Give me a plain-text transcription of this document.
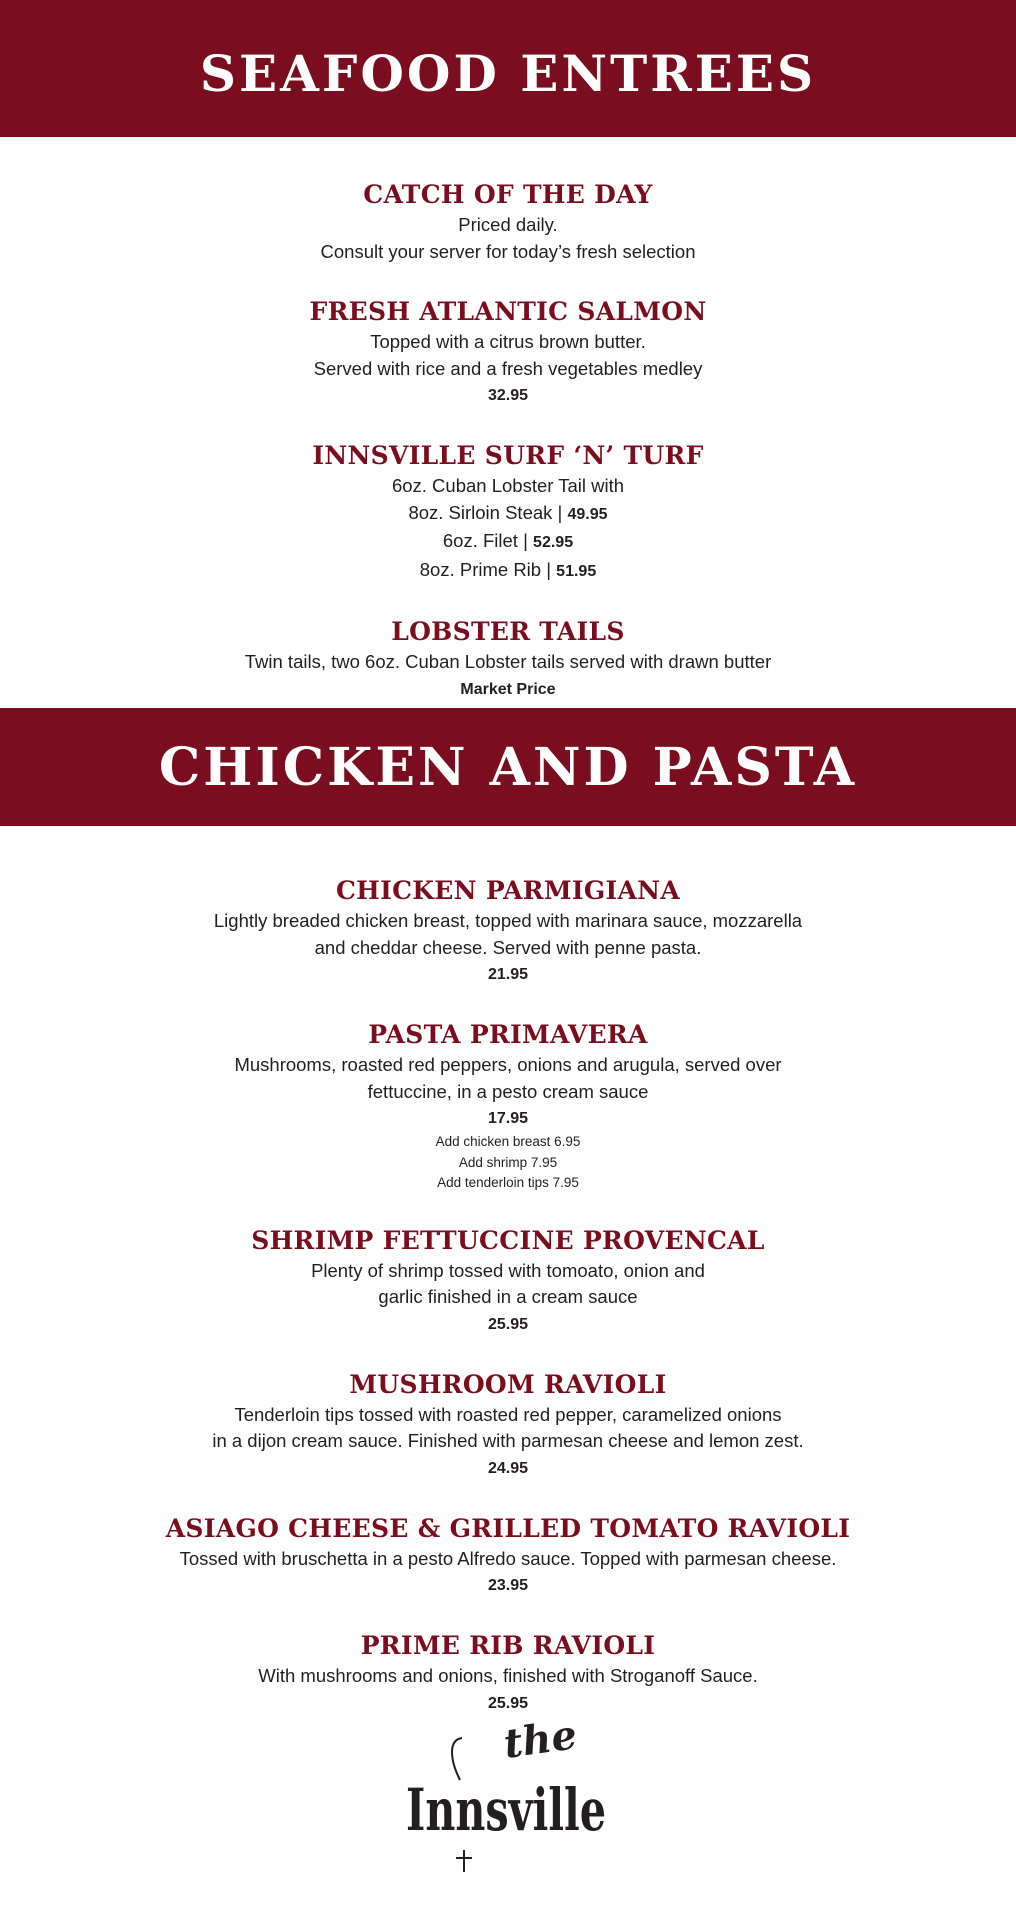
SEAFOOD ENTREES
CATCH OF THE DAY
Priced daily.
Consult your server for today’s fresh selection
FRESH ATLANTIC SALMON
Topped with a citrus brown butter.
Served with rice and a fresh vegetables medley
32.95
INNSVILLE SURF ‘N’ TURF
6oz. Cuban Lobster Tail with
8oz. Sirloin Steak | 49.95
6oz. Filet | 52.95
8oz. Prime Rib | 51.95
LOBSTER TAILS
Twin tails, two 6oz. Cuban Lobster tails served with drawn butter
Market Price
CHICKEN AND PASTA
CHICKEN PARMIGIANA
Lightly breaded chicken breast, topped with marinara sauce, mozzarella
and cheddar cheese. Served with penne pasta.
21.95
PASTA PRIMAVERA
Mushrooms, roasted red peppers, onions and arugula, served over
fettuccine, in a pesto cream sauce
17.95
Add chicken breast 6.95
Add shrimp 7.95
Add tenderloin tips 7.95
SHRIMP FETTUCCINE PROVENCAL
Plenty of shrimp tossed with tomoato, onion and
garlic finished in a cream sauce
25.95
MUSHROOM RAVIOLI
Tenderloin tips tossed with roasted red pepper, caramelized onions
in a dijon cream sauce. Finished with parmesan cheese and lemon zest.
24.95
ASIAGO CHEESE & GRILLED TOMATO RAVIOLI
Tossed with bruschetta in a pesto Alfredo sauce. Topped with parmesan cheese.
23.95
PRIME RIB RAVIOLI
With mushrooms and onions, finished with Stroganoff Sauce.
25.95
the
Innsville
